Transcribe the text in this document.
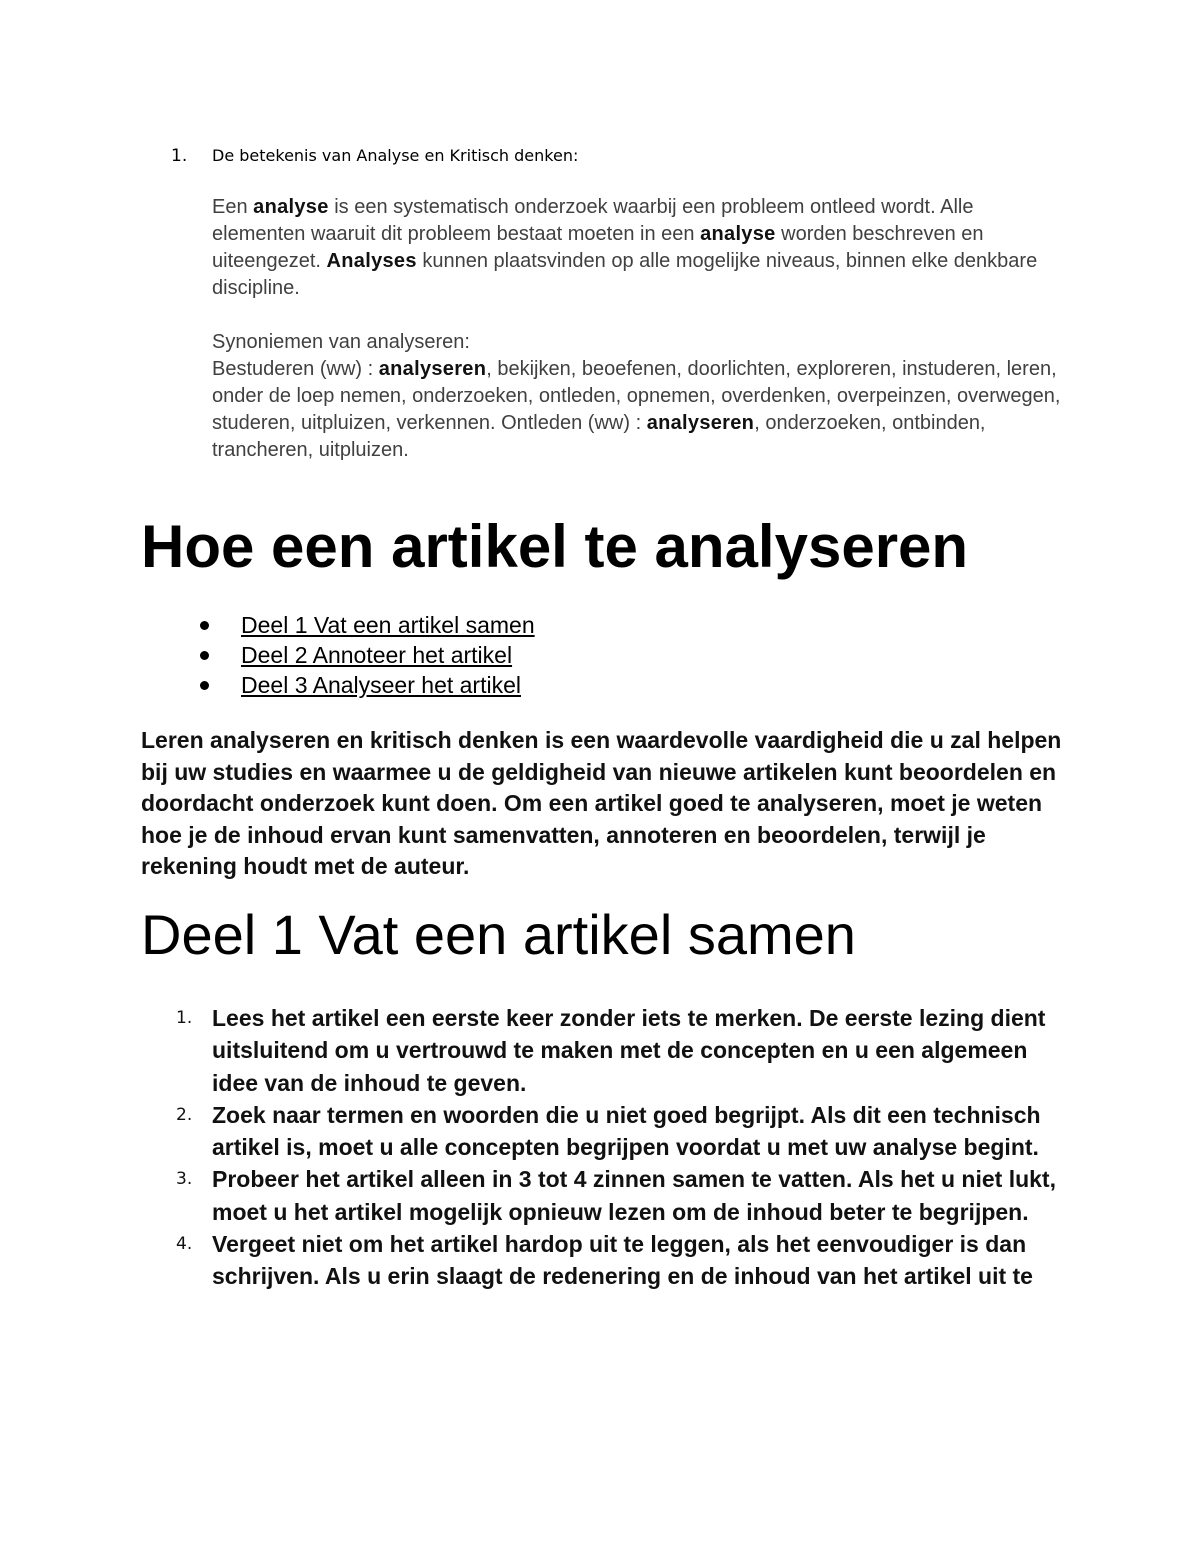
1. De betekenis van Analyse en Kritisch denken:

Een analyse is een systematisch onderzoek waarbij een probleem ontleed wordt. Alle elementen waaruit dit probleem bestaat moeten in een analyse worden beschreven en uiteengezet. Analyses kunnen plaatsvinden op alle mogelijke niveaus, binnen elke denkbare discipline.

Synoniemen van analyseren:

Bestuderen (ww) : analyseren, bekijken, beoefenen, doorlichten, exploreren, instuderen, leren, onder de loep nemen, onderzoeken, ontleden, opnemen, overdenken, overpeinzen, overwegen, studeren, uitpluizen, verkennen. Ontleden (ww) : analyseren, onderzoeken, ontbinden, trancheren, uitpluizen.

Hoe een artikel te analyseren
Deel 1 Vat een artikel samen
Deel 2 Annoteer het artikel
Deel 3 Analyseer het artikel

Leren analyseren en kritisch denken is een waardevolle vaardigheid die u zal helpen bij uw studies en waarmee u de geldigheid van nieuwe artikelen kunt beoordelen en doordacht onderzoek kunt doen. Om een artikel goed te analyseren, moet je weten hoe je de inhoud ervan kunt samenvatten, annoteren en beoordelen, terwijl je rekening houdt met de auteur.

Deel 1 Vat een artikel samen
1. Lees het artikel een eerste keer zonder iets te merken. De eerste lezing dient uitsluitend om u vertrouwd te maken met de concepten en u een algemeen idee van de inhoud te geven.
2. Zoek naar termen en woorden die u niet goed begrijpt. Als dit een technisch artikel is, moet u alle concepten begrijpen voordat u met uw analyse begint.
3. Probeer het artikel alleen in 3 tot 4 zinnen samen te vatten. Als het u niet lukt, moet u het artikel mogelijk opnieuw lezen om de inhoud beter te begrijpen.
4. Vergeet niet om het artikel hardop uit te leggen, als het eenvoudiger is dan schrijven. Als u erin slaagt de redenering en de inhoud van het artikel uit te
